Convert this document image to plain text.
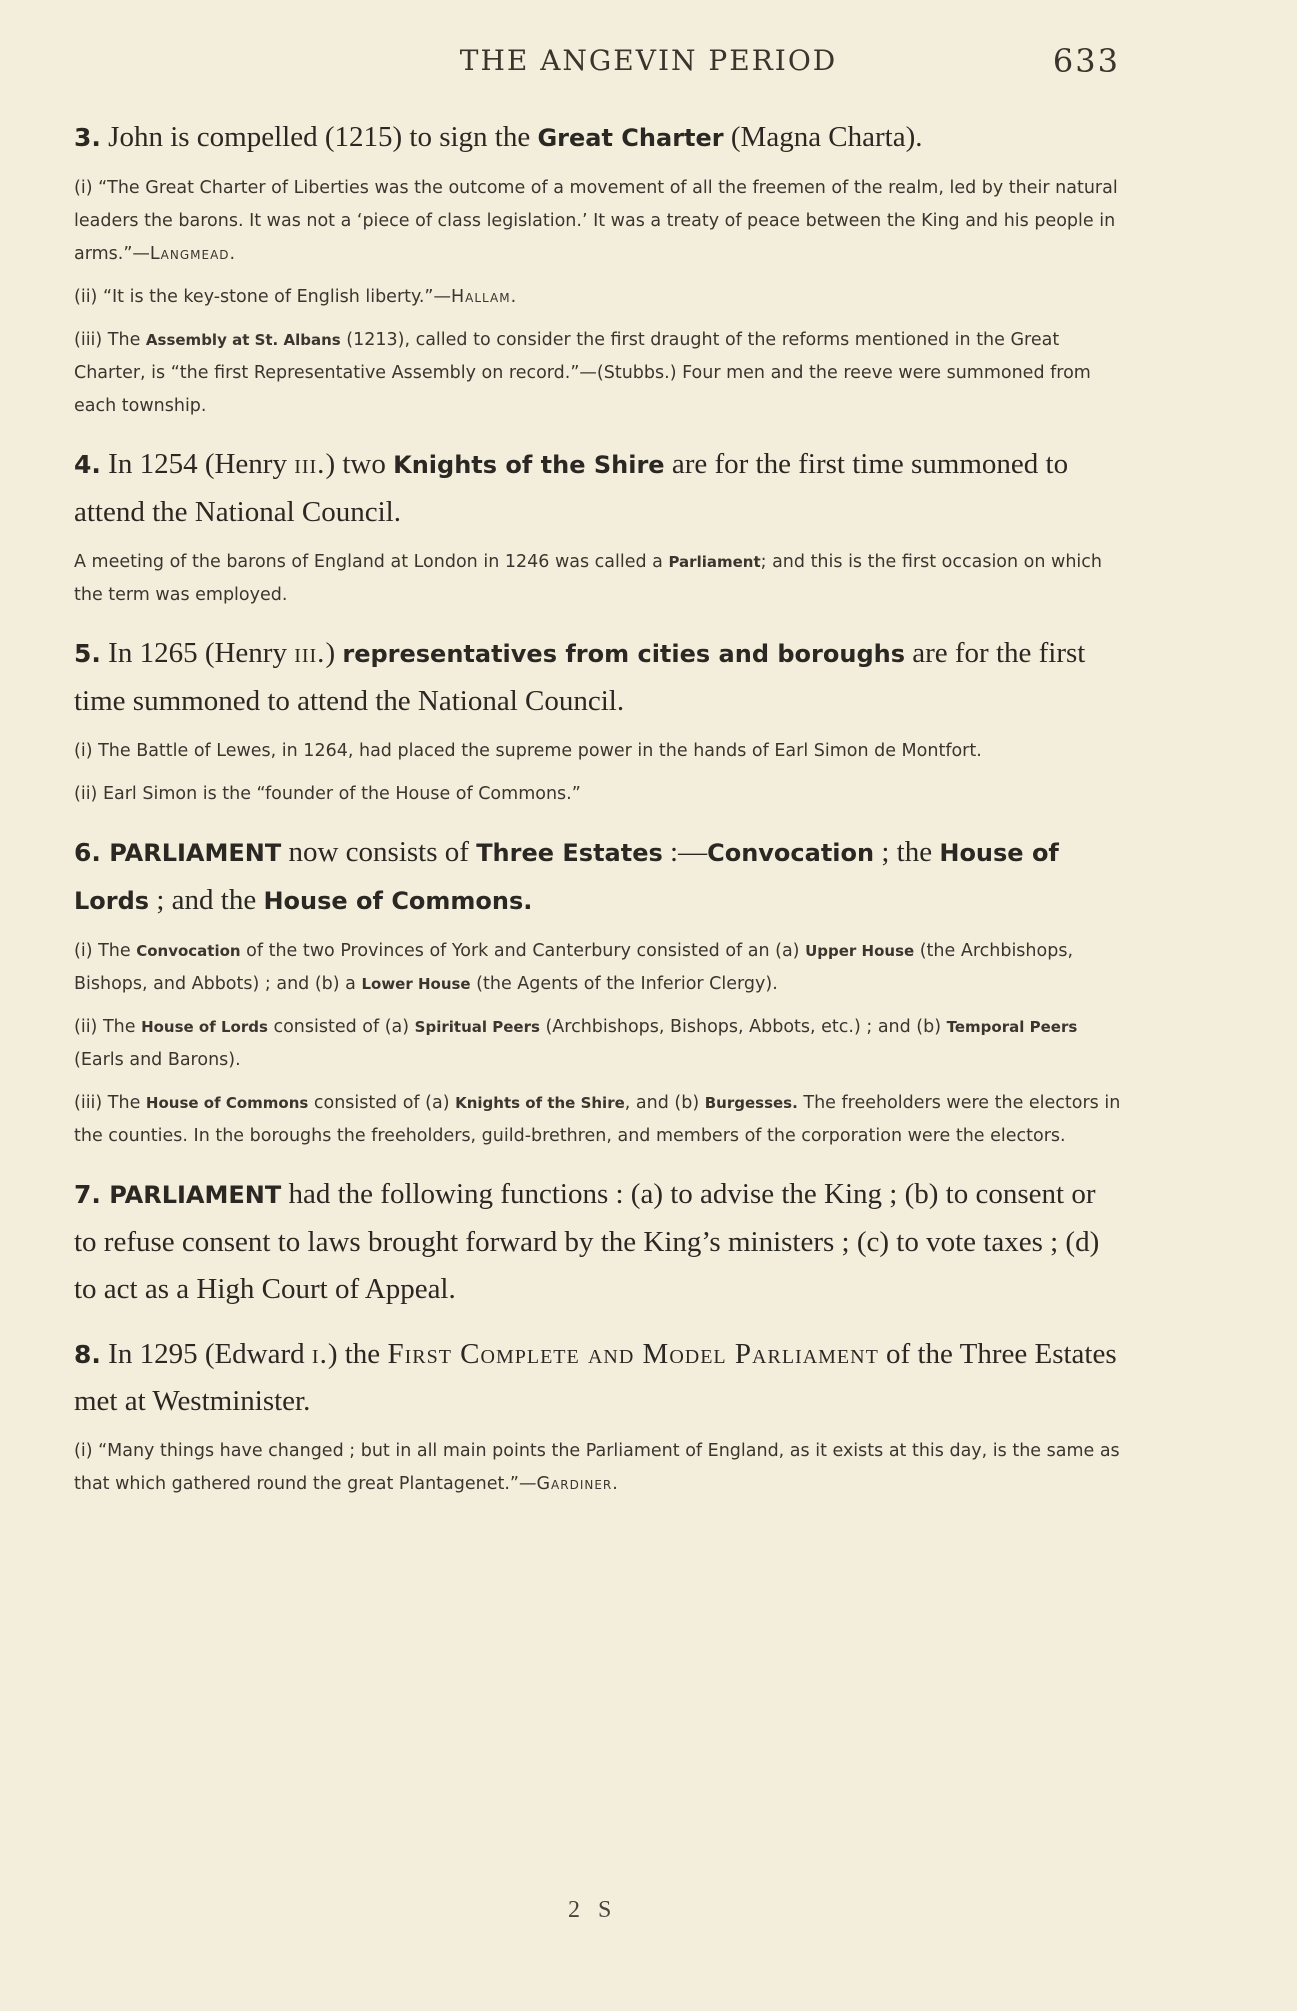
THE ANGEVIN PERIOD	633

3. John is compelled (1215) to sign the Great Charter (Magna Charta).

(i) “The Great Charter of Liberties was the outcome of a movement of all the freemen of the realm, led by their natural leaders the barons. It was not a ‘piece of class legislation.’ It was a treaty of peace between the King and his people in arms.”—Langmead.

(ii) “It is the key-stone of English liberty.”—Hallam.

(iii) The Assembly at St. Albans (1213), called to consider the first draught of the reforms mentioned in the Great Charter, is “the first Representative Assembly on record.”—(Stubbs.) Four men and the reeve were summoned from each township.

4. In 1254 (Henry iii.) two Knights of the Shire are for the first time summoned to attend the National Council.

A meeting of the barons of England at London in 1246 was called a Parliament; and this is the first occasion on which the term was employed.

5. In 1265 (Henry iii.) representatives from cities and boroughs are for the first time summoned to attend the National Council.

(i) The Battle of Lewes, in 1264, had placed the supreme power in the hands of Earl Simon de Montfort.

(ii) Earl Simon is the “founder of the House of Commons.”

6. PARLIAMENT now consists of Three Estates :—Convocation ; the House of Lords ; and the House of Commons.

(i) The Convocation of the two Provinces of York and Canterbury consisted of an (a) Upper House (the Archbishops, Bishops, and Abbots) ; and (b) a Lower House (the Agents of the Inferior Clergy).

(ii) The House of Lords consisted of (a) Spiritual Peers (Archbishops, Bishops, Abbots, etc.) ; and (b) Temporal Peers (Earls and Barons).

(iii) The House of Commons consisted of (a) Knights of the Shire, and (b) Burgesses. The freeholders were the electors in the counties. In the boroughs the freeholders, guild-brethren, and members of the corporation were the electors.

7. PARLIAMENT had the following functions : (a) to advise the King ; (b) to consent or to refuse consent to laws brought forward by the King’s ministers ; (c) to vote taxes ; (d) to act as a High Court of Appeal.

8. In 1295 (Edward i.) the First Complete and Model Parliament of the Three Estates met at Westminister.

(i) “Many things have changed ; but in all main points the Parliament of England, as it exists at this day, is the same as that which gathered round the great Plantagenet.”—Gardiner.

2 S
